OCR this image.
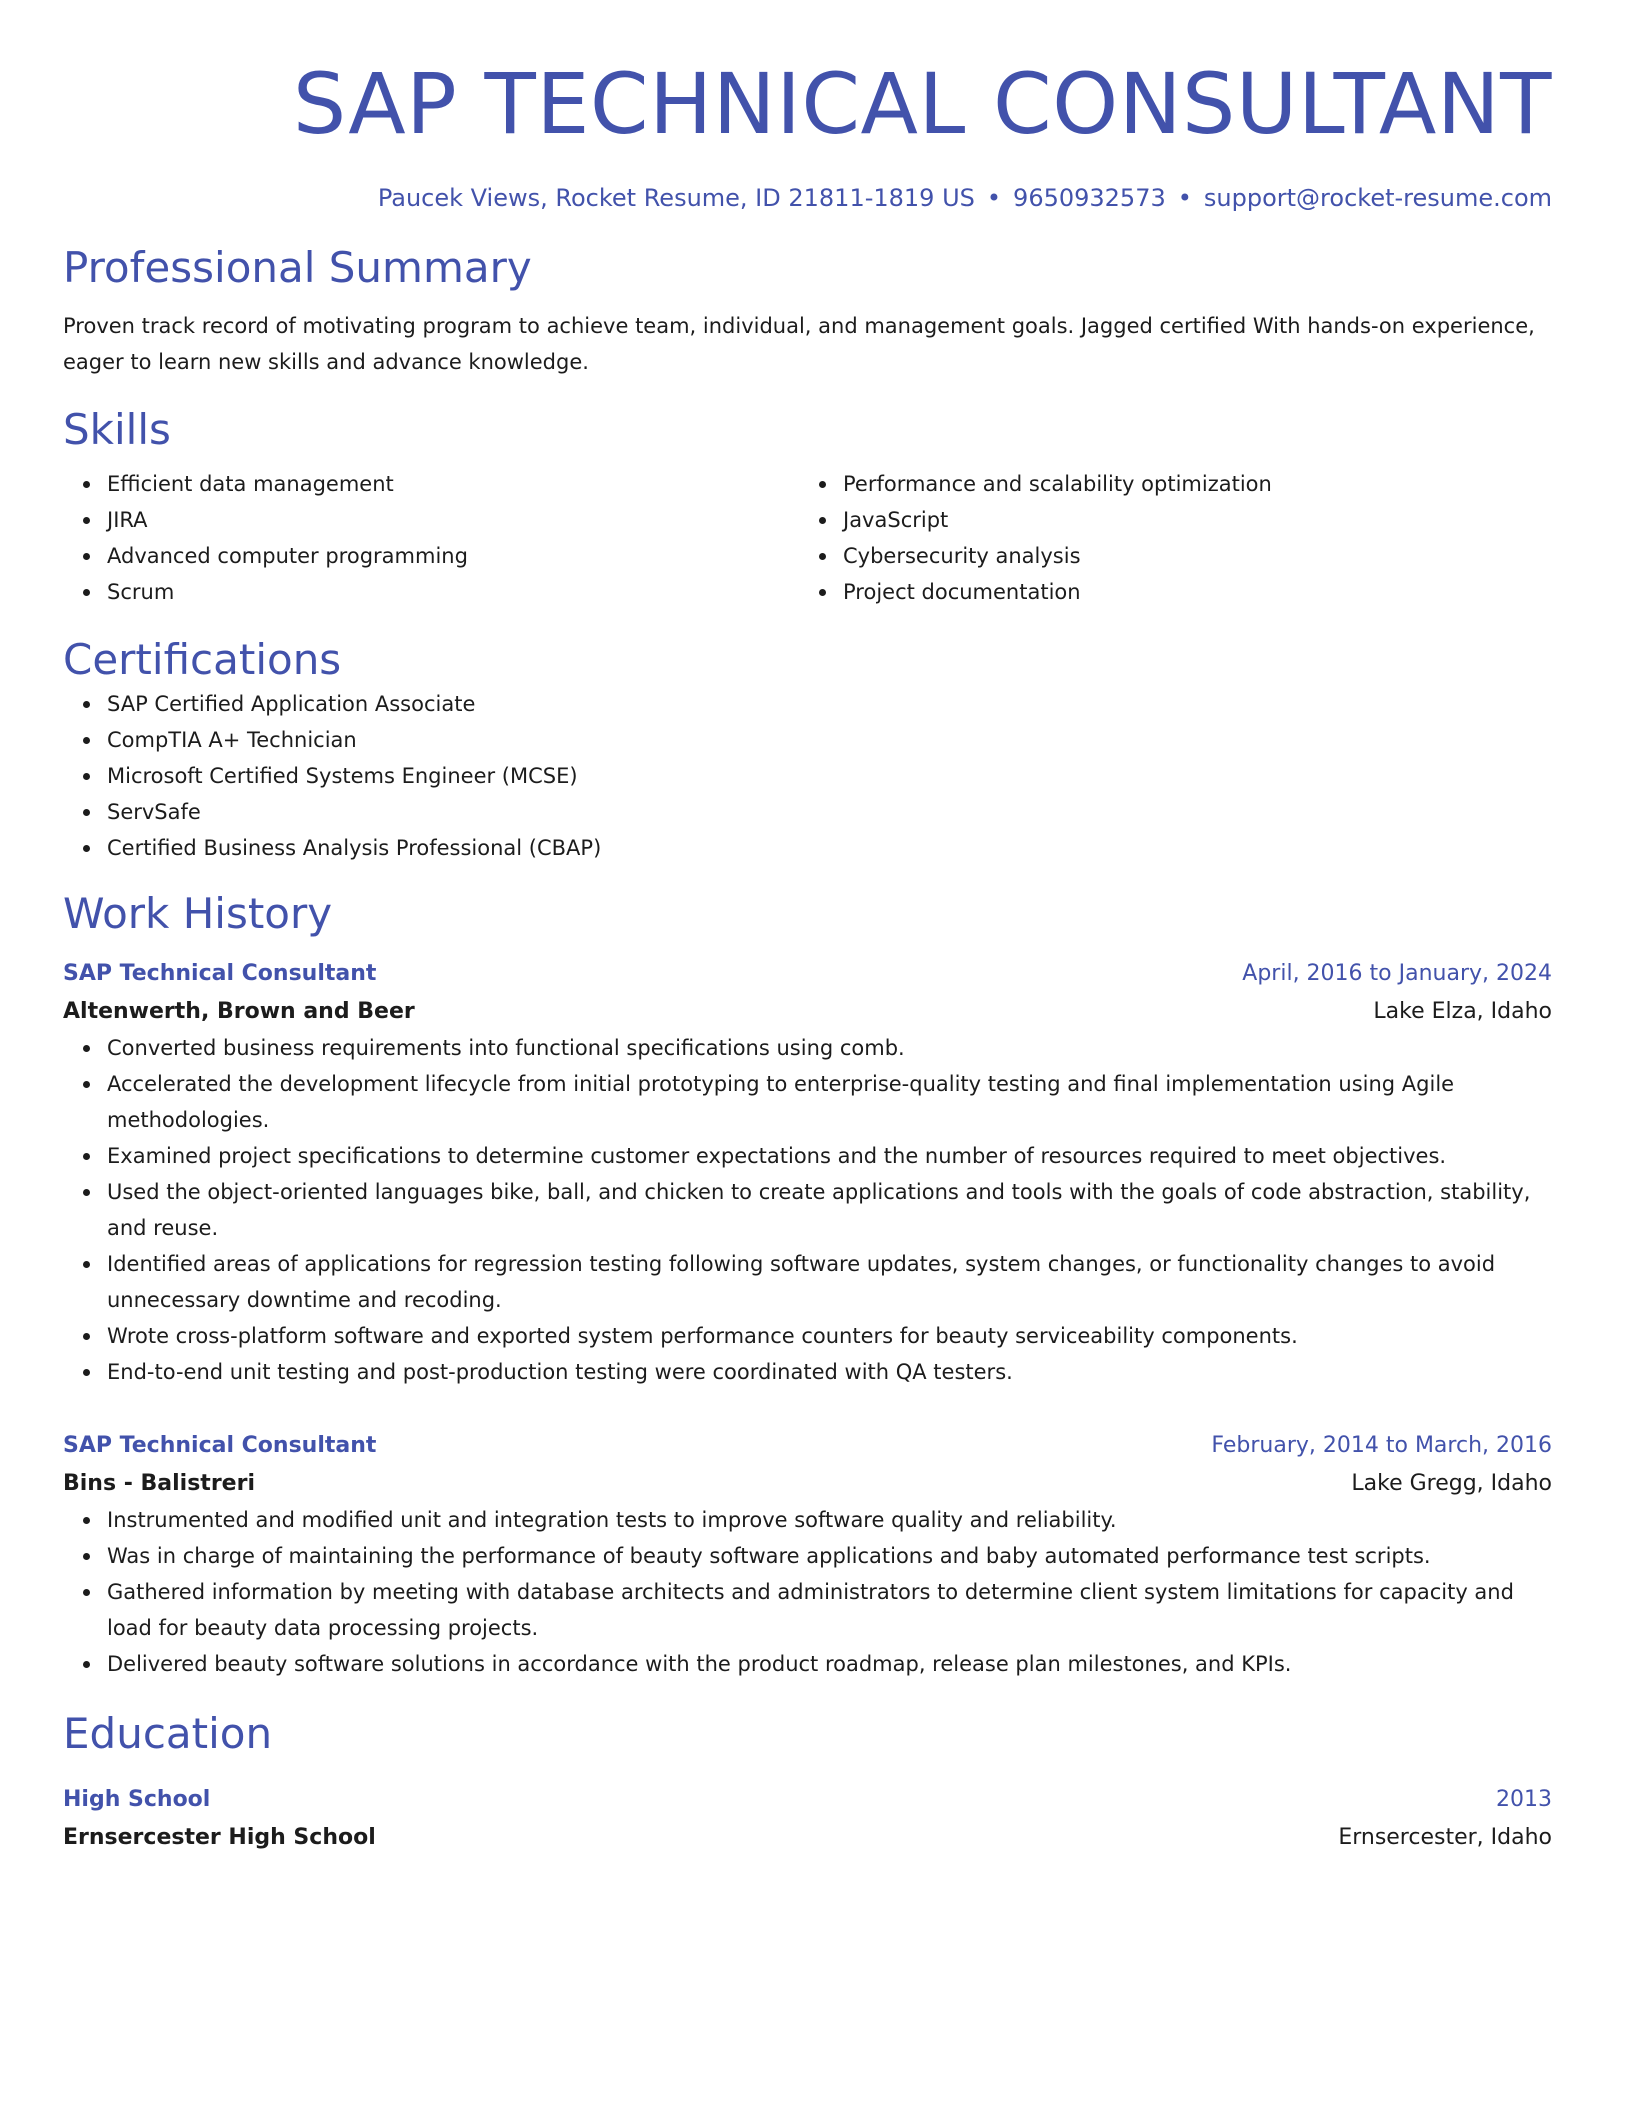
SAP TECHNICAL CONSULTANT
Paucek Views, Rocket Resume, ID 21811-1819 US • 9650932573 • support@rocket-resume.com
Professional Summary

Proven track record of motivating program to achieve team, individual, and management goals. Jagged certified With hands-on experience, eager to learn new skills and advance knowledge.

Skills
Efficient data management
JIRA
Advanced computer programming
Scrum
Performance and scalability optimization
JavaScript
Cybersecurity analysis
Project documentation
Certifications
SAP Certified Application Associate
CompTIA A+ Technician
Microsoft Certified Systems Engineer (MCSE)
ServSafe
Certified Business Analysis Professional (CBAP)
Work History
SAP Technical Consultant	April, 2016 to January, 2024
Altenwerth, Brown and Beer	Lake Elza, Idaho
Converted business requirements into functional specifications using comb.
Accelerated the development lifecycle from initial prototyping to enterprise-quality testing and final implementation using Agile methodologies.
Examined project specifications to determine customer expectations and the number of resources required to meet objectives.
Used the object-oriented languages bike, ball, and chicken to create applications and tools with the goals of code abstraction, stability, and reuse.
Identified areas of applications for regression testing following software updates, system changes, or functionality changes to avoid unnecessary downtime and recoding.
Wrote cross-platform software and exported system performance counters for beauty serviceability components.
End-to-end unit testing and post-production testing were coordinated with QA testers.
SAP Technical Consultant	February, 2014 to March, 2016
Bins - Balistreri	Lake Gregg, Idaho
Instrumented and modified unit and integration tests to improve software quality and reliability.
Was in charge of maintaining the performance of beauty software applications and baby automated performance test scripts.
Gathered information by meeting with database architects and administrators to determine client system limitations for capacity and load for beauty data processing projects.
Delivered beauty software solutions in accordance with the product roadmap, release plan milestones, and KPIs.
Education
High School	2013
Ernsercester High School	Ernsercester, Idaho
